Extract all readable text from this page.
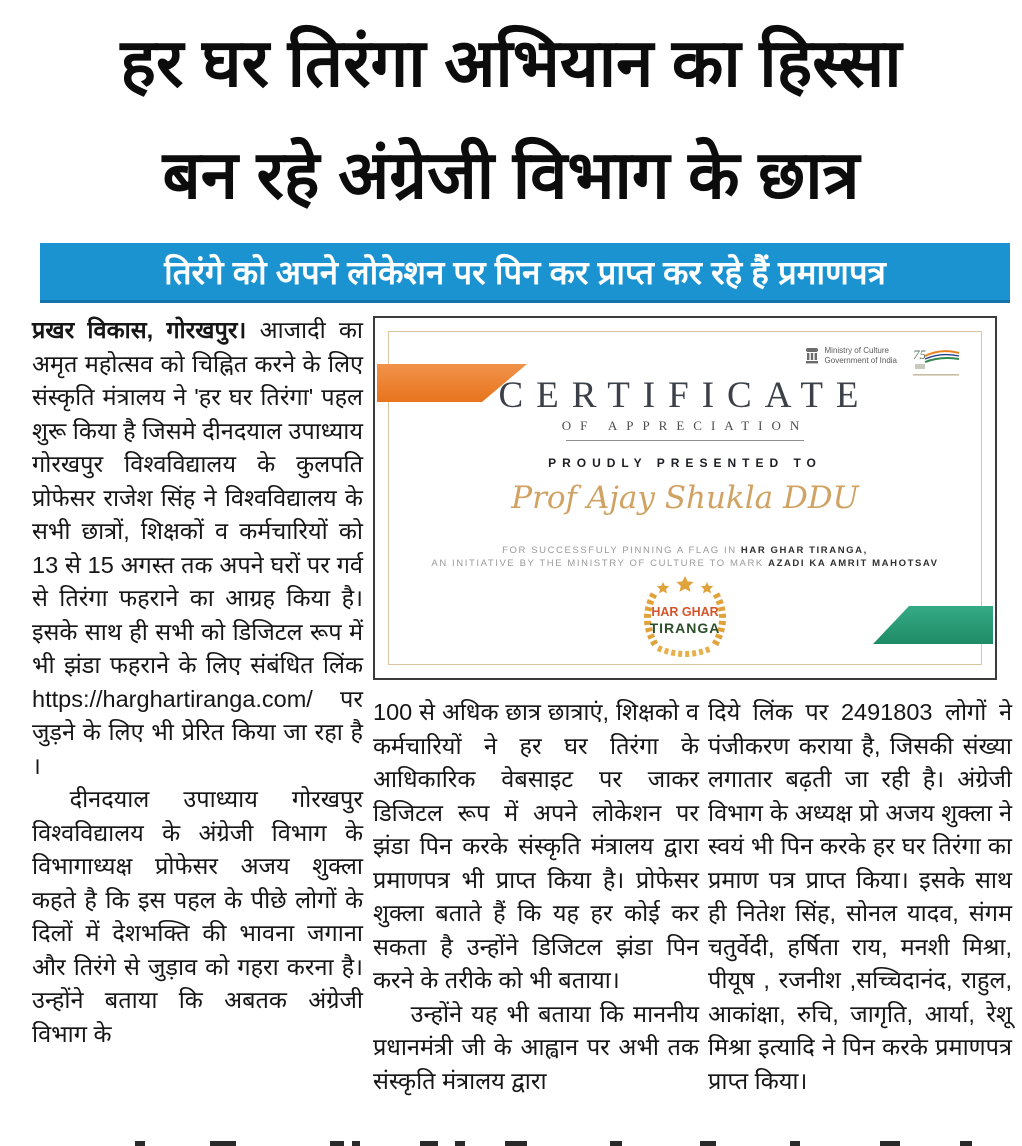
हर घर तिरंगा अभियान का हिस्सा
बन रहे अंग्रेजी विभाग के छात्र
तिरंगे को अपने लोकेशन पर पिन कर प्राप्त कर रहे हैं प्रमाणपत्र

प्रखर विकास, गोरखपुर। आजादी का अमृत महोत्सव को चिह्नित करने के लिए संस्कृति मंत्रालय ने 'हर घर तिरंगा' पहल शुरू किया है जिसमे दीनदयाल उपाध्याय गोरखपुर विश्वविद्यालय के कुलपति प्रोफेसर राजेश सिंह ने विश्वविद्यालय के सभी छात्रों, शिक्षकों व कर्मचारियों को 13 से 15 अगस्त तक अपने घरों पर गर्व से तिरंगा फहराने का आग्रह किया है। इसके साथ ही सभी को डिजिटल रूप में भी झंडा फहराने के लिए संबंधित लिंक https://harghartiranga.com/ पर जुड़ने के लिए भी प्रेरित किया जा रहा है ।

दीनदयाल उपाध्याय गोरखपुर विश्वविद्यालय के अंग्रेजी विभाग के विभागाध्यक्ष प्रोफेसर अजय शुक्ला कहते है कि इस पहल के पीछे लोगों के दिलों में देशभक्ति की भावना जगाना और तिरंगे से जुड़ाव को गहरा करना है। उन्होंने बताया कि अबतक अंग्रेजी विभाग के

Ministry of Culture
Government of India 75
CERTIFICATE
OF APPRECIATION
PROUDLY PRESENTED TO
Prof Ajay Shukla DDU
FOR SUCCESSFULY PINNING A FLAG IN HAR GHAR TIRANGA,
AN INITIATIVE BY THE MINISTRY OF CULTURE TO MARK AZADI KA AMRIT MAHOTSAV
HAR GHAR
TIRANGA

100 से अधिक छात्र छात्राएं, शिक्षको व कर्मचारियों ने हर घर तिरंगा के आधिकारिक वेबसाइट पर जाकर डिजिटल रूप में अपने लोकेशन पर झंडा पिन करके संस्कृति मंत्रालय द्वारा प्रमाणपत्र भी प्राप्त किया है। प्रोफेसर शुक्ला बताते हैं कि यह हर कोई कर सकता है उन्होंने डिजिटल झंडा पिन करने के तरीके को भी बताया।

उन्होंने यह भी बताया कि माननीय प्रधानमंत्री जी के आह्वान पर अभी तक संस्कृति मंत्रालय द्वारा

दिये लिंक पर 2491803 लोगों ने पंजीकरण कराया है, जिसकी संख्या लगातार बढ़ती जा रही है। अंग्रेजी विभाग के अध्यक्ष प्रो अजय शुक्ला ने स्वयं भी पिन करके हर घर तिरंगा का प्रमाण पत्र प्राप्त किया। इसके साथ ही नितेश सिंह, सोनल यादव, संगम चतुर्वेदी, हर्षिता राय, मनशी मिश्रा, पीयूष , रजनीश ,सच्चिदानंद, राहुल, आकांक्षा, रुचि, जागृति, आर्या, रेशू मिश्रा इत्यादि ने पिन करके प्रमाणपत्र प्राप्त किया।
